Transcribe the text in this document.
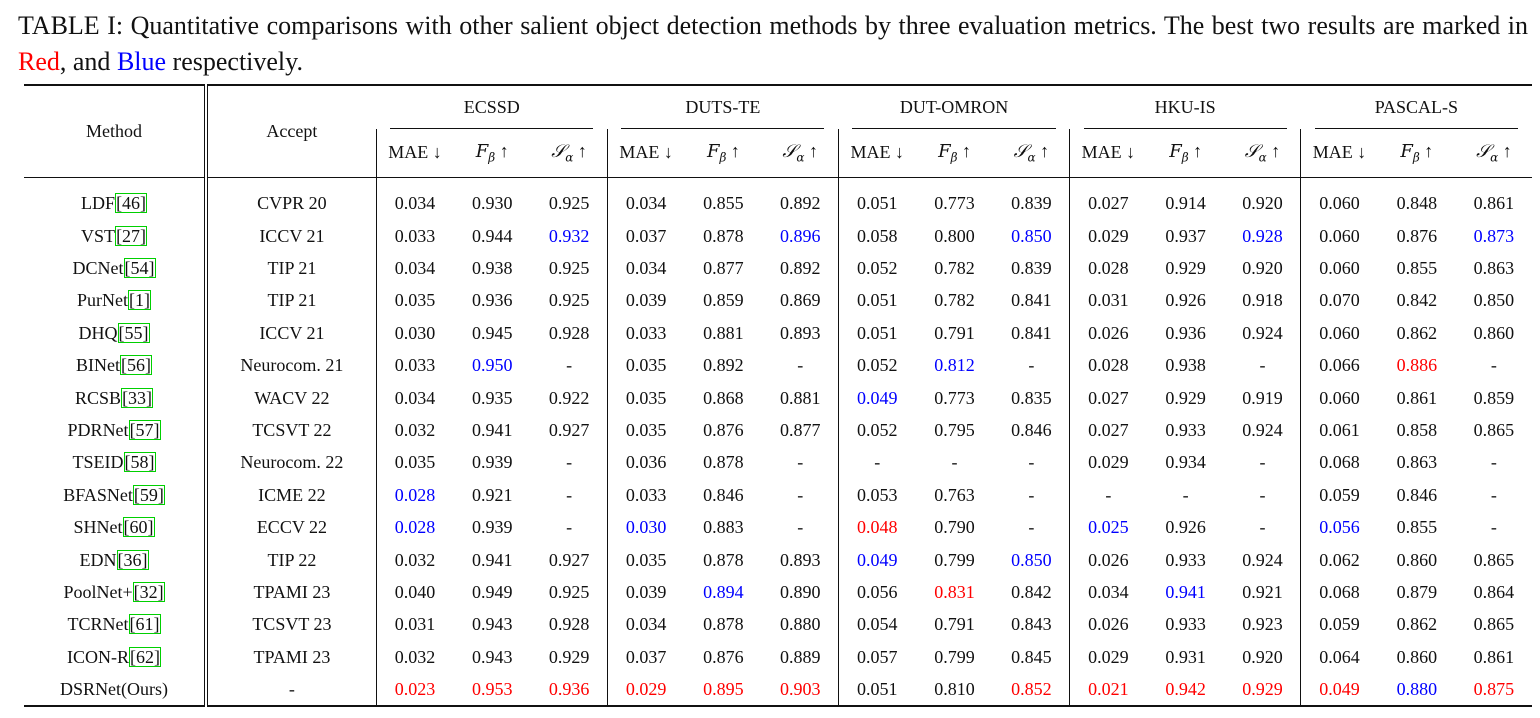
TABLE I: Quantitative comparisons with other salient object detection methods by three evaluation metrics. The best two results are marked in Red, and Blue respectively.
Method	Accept	ECSSD			DUTS-TE			DUT-OMRON			HKU-IS			PASCAL-S		
		MAE ↓	$F_\beta$ ↑	𝒮$_\alpha$ ↑	MAE ↓	$F_\beta$ ↑	𝒮$_\alpha$ ↑	MAE ↓	$F_\beta$ ↑	𝒮$_\alpha$ ↑	MAE ↓	$F_\beta$ ↑	𝒮$_\alpha$ ↑	MAE ↓	$F_\beta$ ↑	𝒮$_\alpha$ ↑
LDF[46]	CVPR 20	0.034	0.930	0.925	0.034	0.855	0.892	0.051	0.773	0.839	0.027	0.914	0.920	0.060	0.848	0.861
VST[27]	ICCV 21	0.033	0.944	0.932	0.037	0.878	0.896	0.058	0.800	0.850	0.029	0.937	0.928	0.060	0.876	0.873
DCNet[54]	TIP 21	0.034	0.938	0.925	0.034	0.877	0.892	0.052	0.782	0.839	0.028	0.929	0.920	0.060	0.855	0.863
PurNet[1]	TIP 21	0.035	0.936	0.925	0.039	0.859	0.869	0.051	0.782	0.841	0.031	0.926	0.918	0.070	0.842	0.850
DHQ[55]	ICCV 21	0.030	0.945	0.928	0.033	0.881	0.893	0.051	0.791	0.841	0.026	0.936	0.924	0.060	0.862	0.860
BINet[56]	Neurocom. 21	0.033	0.950	-	0.035	0.892	-	0.052	0.812	-	0.028	0.938	-	0.066	0.886	-
RCSB[33]	WACV 22	0.034	0.935	0.922	0.035	0.868	0.881	0.049	0.773	0.835	0.027	0.929	0.919	0.060	0.861	0.859
PDRNet[57]	TCSVT 22	0.032	0.941	0.927	0.035	0.876	0.877	0.052	0.795	0.846	0.027	0.933	0.924	0.061	0.858	0.865
TSEID[58]	Neurocom. 22	0.035	0.939	-	0.036	0.878	-	-	-	-	0.029	0.934	-	0.068	0.863	-
BFASNet[59]	ICME 22	0.028	0.921	-	0.033	0.846	-	0.053	0.763	-	-	-	-	0.059	0.846	-
SHNet[60]	ECCV 22	0.028	0.939	-	0.030	0.883	-	0.048	0.790	-	0.025	0.926	-	0.056	0.855	-
EDN[36]	TIP 22	0.032	0.941	0.927	0.035	0.878	0.893	0.049	0.799	0.850	0.026	0.933	0.924	0.062	0.860	0.865
PoolNet+[32]	TPAMI 23	0.040	0.949	0.925	0.039	0.894	0.890	0.056	0.831	0.842	0.034	0.941	0.921	0.068	0.879	0.864
TCRNet[61]	TCSVT 23	0.031	0.943	0.928	0.034	0.878	0.880	0.054	0.791	0.843	0.026	0.933	0.923	0.059	0.862	0.865
ICON-R[62]	TPAMI 23	0.032	0.943	0.929	0.037	0.876	0.889	0.057	0.799	0.845	0.029	0.931	0.920	0.064	0.860	0.861
DSRNet(Ours)	-	0.023	0.953	0.936	0.029	0.895	0.903	0.051	0.810	0.852	0.021	0.942	0.929	0.049	0.880	0.875
